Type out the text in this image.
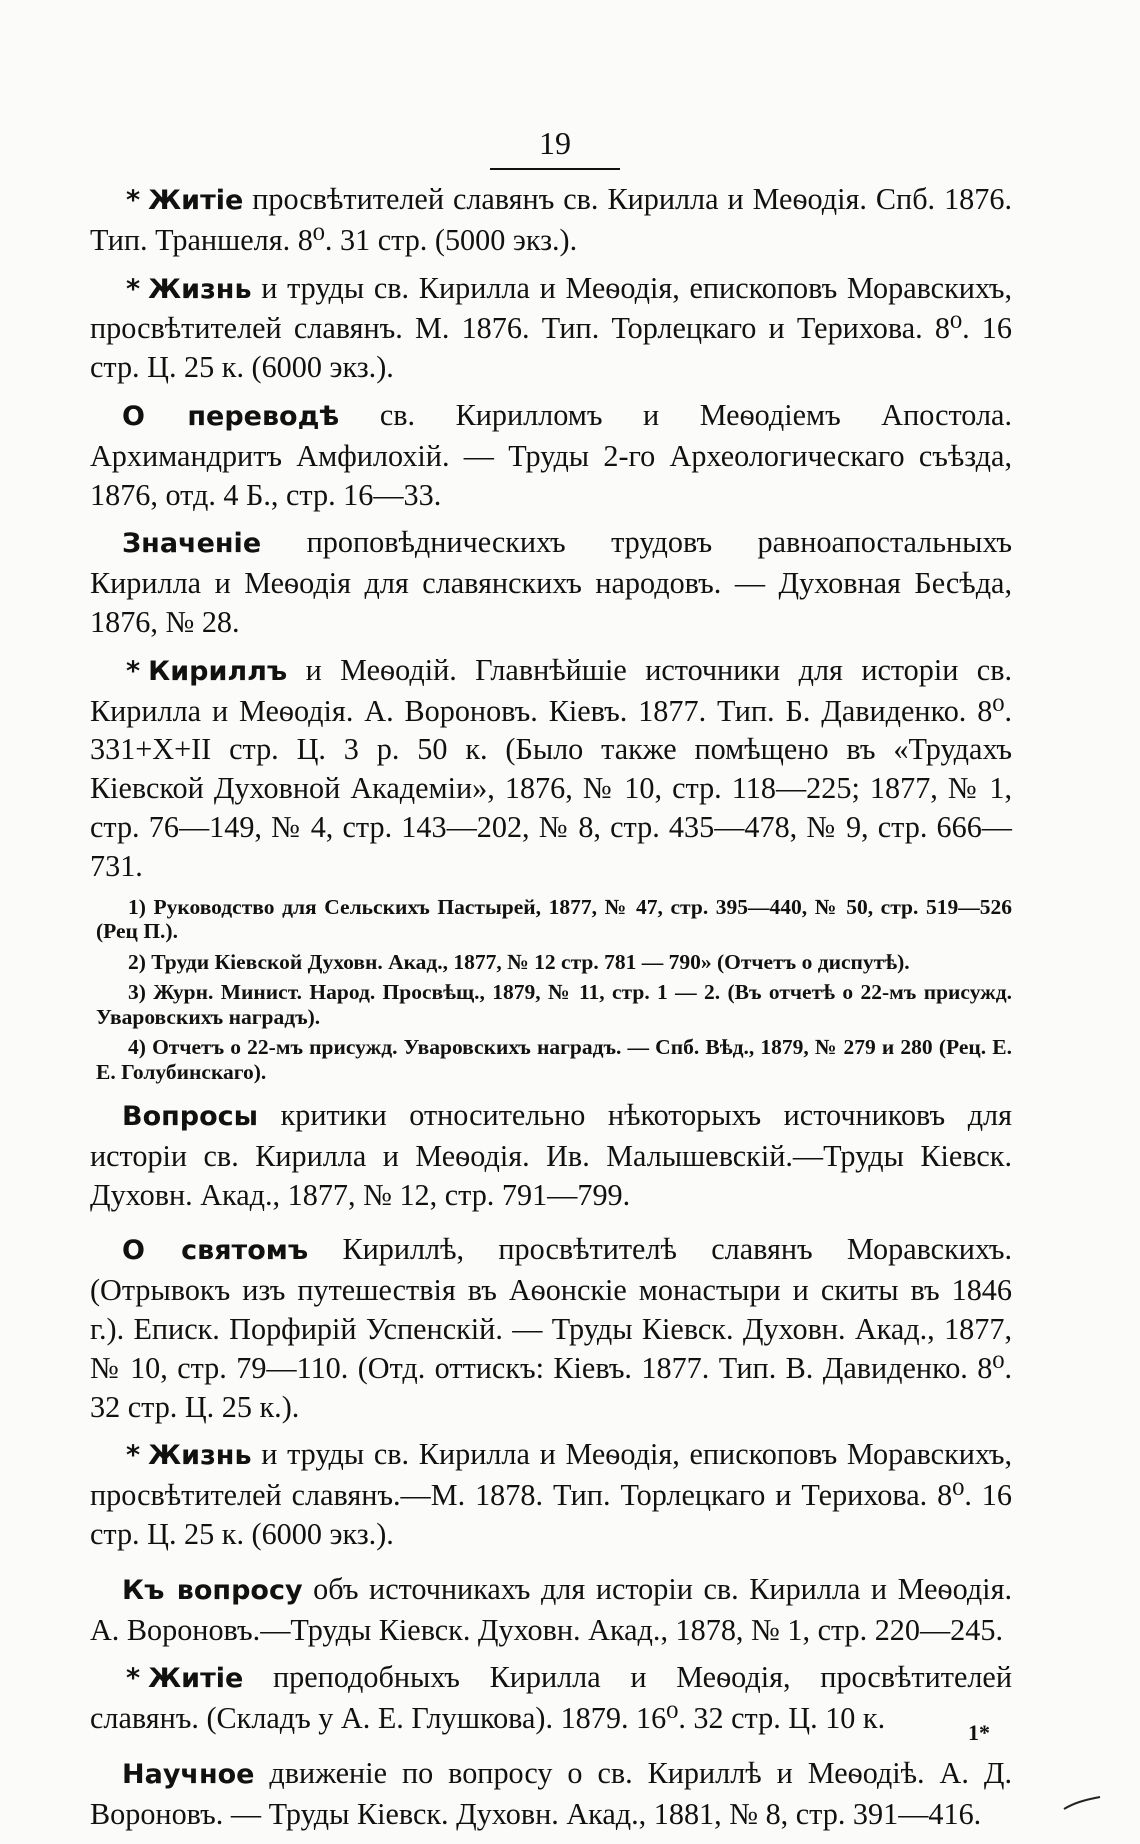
19

* Житіе просвѣтителей славянъ св. Кирилла и Меѳодія. Спб. 1876. Тип. Траншеля. 8⁰. 31 стр. (5000 экз.).

* Жизнь и труды св. Кирилла и Меѳодія, епископовъ Моравскихъ, просвѣтителей славянъ. М. 1876. Тип. Торлецкаго и Терихова. 8⁰. 16 стр. Ц. 25 к. (6000 экз.).

О переводѣ св. Кирилломъ и Меѳодіемъ Апостола. Архимандритъ Амфилохій. — Труды 2-го Археологическаго съѣзда, 1876, отд. 4 Б., стр. 16—33.

Значеніе проповѣдническихъ трудовъ равноапостальныхъ Кирилла и Меѳодія для славянскихъ народовъ. — Духовная Бесѣда, 1876, № 28.

* Кириллъ и Меѳодій. Главнѣйшіе источники для исторіи св. Кирилла и Меѳодія. А. Вороновъ. Кіевъ. 1877. Тип. Б. Давиденко. 8⁰. 331+X+II стр. Ц. 3 р. 50 к. (Было также помѣщено въ «Трудахъ Кіевской Духовной Академіи», 1876, № 10, стр. 118—225; 1877, № 1, стр. 76—149, № 4, стр. 143—202, № 8, стр. 435—478, № 9, стр. 666—731.

1) Руководство для Сельскихъ Пастырей, 1877, № 47, стр. 395—440, № 50, стр. 519—526 (Рец П.).

2) Труди Кіевской Духовн. Акад., 1877, № 12 стр. 781 — 790» (Отчетъ о диспутѣ).

3) Журн. Минист. Народ. Просвѣщ., 1879, № 11, стр. 1 — 2. (Въ отчетѣ о 22-мъ присужд. Уваровскихъ наградъ).

4) Отчетъ о 22-мъ присужд. Уваровскихъ наградъ. — Спб. Вѣд., 1879, № 279 и 280 (Рец. Е. Е. Голубинскаго).

Вопросы критики относительно нѣкоторыхъ источниковъ для исторіи св. Кирилла и Меѳодія. Ив. Малышевскій.—Труды Кіевск. Духовн. Акад., 1877, № 12, стр. 791—799.

О святомъ Кириллѣ, просвѣтителѣ славянъ Моравскихъ. (Отрывокъ изъ путешествія въ Аѳонскіе монастыри и скиты въ 1846 г.). Еписк. Порфирій Успенскій. — Труды Кіевск. Духовн. Акад., 1877, № 10, стр. 79—110. (Отд. оттискъ: Кіевъ. 1877. Тип. В. Давиденко. 8⁰. 32 стр. Ц. 25 к.).

* Жизнь и труды св. Кирилла и Меѳодія, епископовъ Моравскихъ, просвѣтителей славянъ.—М. 1878. Тип. Торлецкаго и Терихова. 8⁰. 16 стр. Ц. 25 к. (6000 экз.).

Къ вопросу объ источникахъ для исторіи св. Кирилла и Меѳодія. А. Вороновъ.—Труды Кіевск. Духовн. Акад., 1878, № 1, стр. 220—245.

* Житіе преподобныхъ Кирилла и Меѳодія, просвѣтителей славянъ. (Складъ у А. Е. Глушкова). 1879. 16⁰. 32 стр. Ц. 10 к.

Научное движеніе по вопросу о св. Кириллѣ и Меѳодіѣ. А. Д. Вороновъ. — Труды Кіевск. Духовн. Акад., 1881, № 8, стр. 391—416.

1*
